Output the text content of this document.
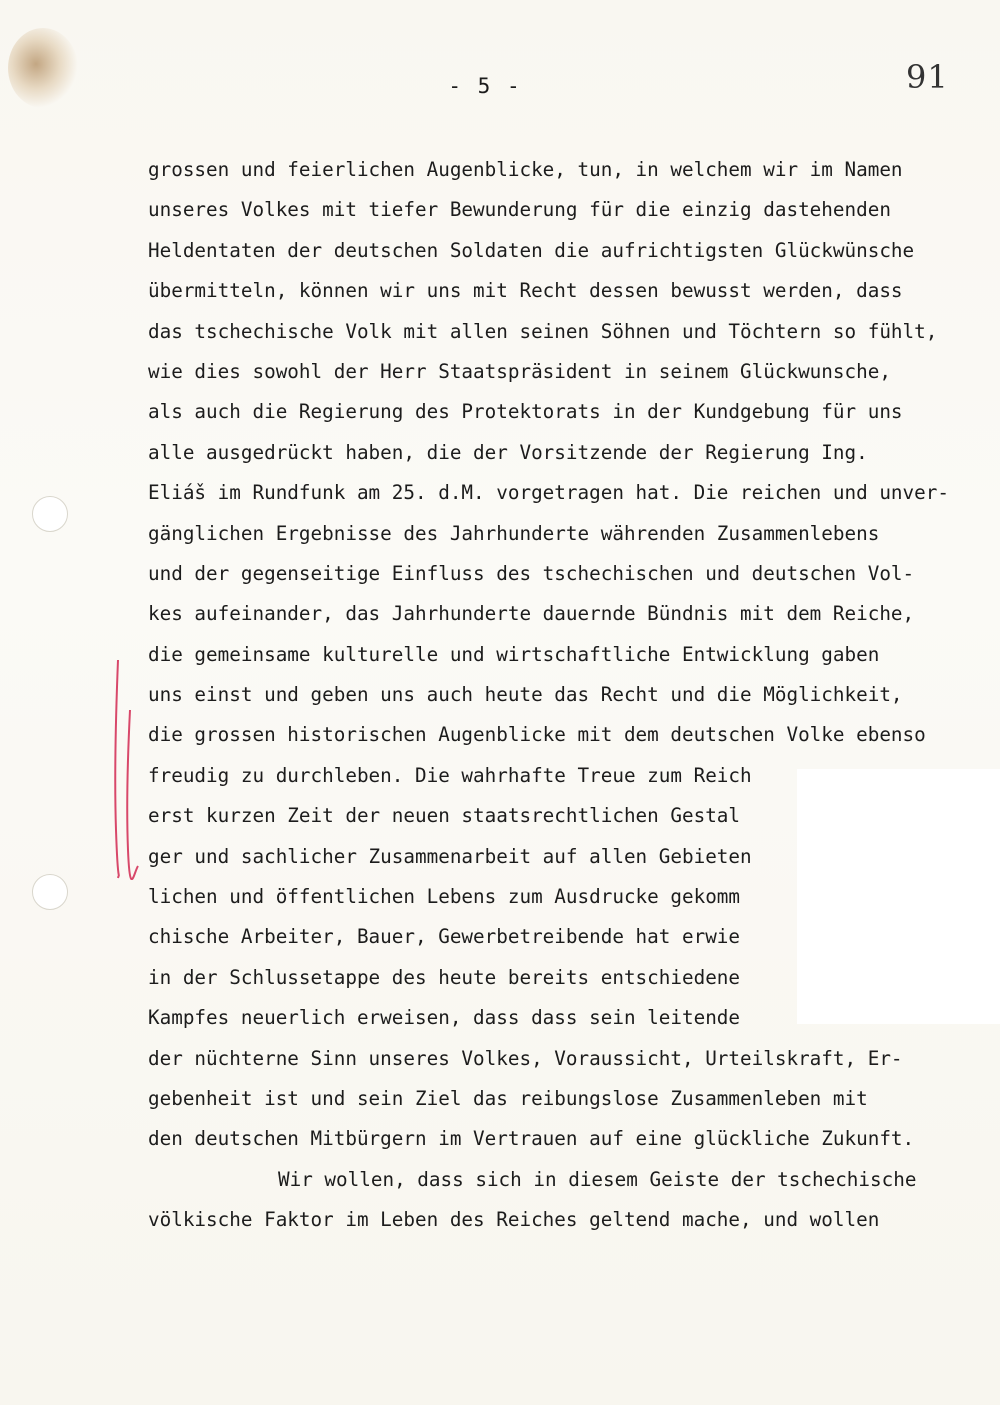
- 5 -	91
grossen und feierlichen Augenblicke, tun, in welchem wir im Namen
unseres Volkes mit tiefer Bewunderung für die einzig dastehenden
Heldentaten der deutschen Soldaten die aufrichtigsten Glückwünsche
übermitteln, können wir uns mit Recht dessen bewusst werden, dass
das tschechische Volk mit allen seinen Söhnen und Töchtern so fühlt,
wie dies sowohl der Herr Staatspräsident in seinem Glückwunsche,
als auch die Regierung des Protektorats in der Kundgebung für uns
alle ausgedrückt haben, die der Vorsitzende der Regierung Ing.
Eliáš im Rundfunk am 25. d.M. vorgetragen hat. Die reichen und unver-
gänglichen Ergebnisse des Jahrhunderte währenden Zusammenlebens
und der gegenseitige Einfluss des tschechischen und deutschen Vol-
kes aufeinander, das Jahrhunderte dauernde Bündnis mit dem Reiche,
die gemeinsame kulturelle und wirtschaftliche Entwicklung gaben
uns einst und geben uns auch heute das Recht und die Möglichkeit,
die grossen historischen Augenblicke mit dem deutschen Volke ebenso
freudig zu durchleben. Die wahrhafte Treue zum Reich
erst kurzen Zeit der neuen staatsrechtlichen Gestal
ger und sachlicher Zusammenarbeit auf allen Gebieten
lichen und öffentlichen Lebens zum Ausdrucke gekomm
chische Arbeiter, Bauer, Gewerbetreibende hat erwie
in der Schlussetappe des heute bereits entschiedene
Kampfes neuerlich erweisen, dass dass sein leitende
der nüchterne Sinn unseres Volkes, Voraussicht, Urteilskraft, Er-
gebenheit ist und sein Ziel das reibungslose Zusammenleben mit
den deutschen Mitbürgern im Vertrauen auf eine glückliche Zukunft.
Wir wollen, dass sich in diesem Geiste der tschechische
völkische Faktor im Leben des Reiches geltend mache, und wollen
